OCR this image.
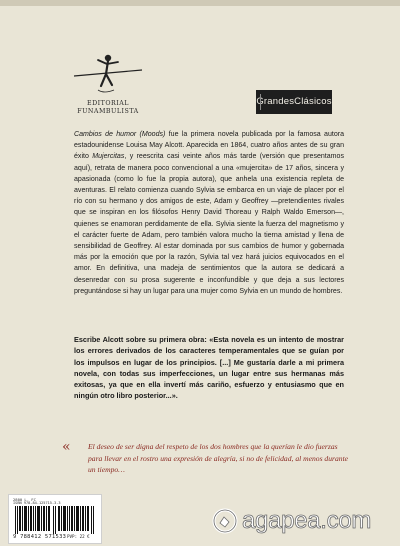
EDITORIAL
FUNAMBULISTA
GrandesClásicos

Cambios de humor (Moods) fue la primera novela publicada por la famosa autora estadounidense Louisa May Alcott. Aparecida en 1864, cuatro años antes de su gran éxito Mujercitas, y reescrita casi veinte años más tarde (versión que presentamos aquí), retrata de manera poco convencional a una «mujercita» de 17 años, sincera y apasionada (como lo fue la propia autora), que anhela una existencia repleta de aventuras. El relato comienza cuando Sylvia se embarca en un viaje de placer por el río con su hermano y dos amigos de este, Adam y Geoffrey —pretendientes rivales que se inspiran en los filósofos Henry David Thoreau y Ralph Waldo Emerson—, quienes se enamoran perdidamente de ella. Sylvia siente la fuerza del magnetismo y el carácter fuerte de Adam, pero también valora mucho la tierna amistad y llena de sensibilidad de Geoffrey. Al estar dominada por sus cambios de humor y gobernada más por la emoción que por la razón, Sylvia tal vez hará juicios equivocados en el amor. En definitiva, una madeja de sentimientos que la autora se dedicará a desenredar con su prosa sugerente e inconfundible y que deja a sus lectores preguntándose si hay un lugar para una mujer como Sylvia en un mundo de hombres.

Escribe Alcott sobre su primera obra: «Esta novela es un intento de mostrar los errores derivados de los caracteres temperamentales que se guían por los impulsos en lugar de los principios. [...] Me gustaría darle a mi primera novela, con todas sus imperfecciones, un lugar entre sus hermanas más exitosas, ya que en ella invertí más cariño, esfuerzo y entusiasmo que en ningún otro libro posterior...».

« El deseo de ser digna del respeto de los dos hombres que la querían le dio fuerzas para llevar en el rostro una expresión de alegría, si no de felicidad, al menos durante un tiempo…

2800 L. FC
ISBN 978-84-125715-3-3
9 788412 571533 PVP: 22 €
agapea.com
